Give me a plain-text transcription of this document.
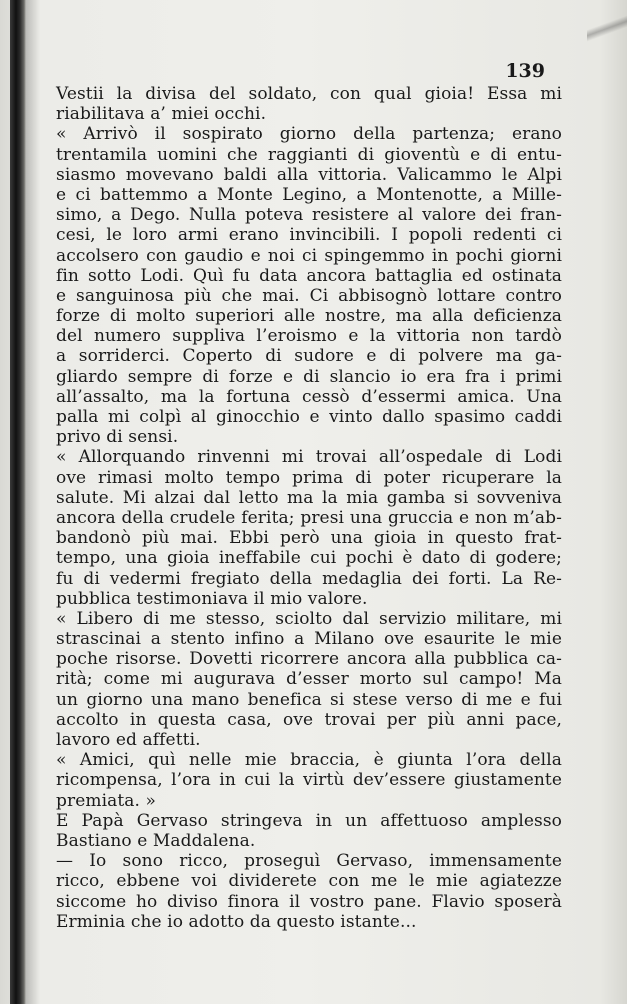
139
Vestii la divisa del soldato, con qual gioia! Essa mi
riabilitava a’ miei occhi.
« Arrivò il sospirato giorno della partenza; erano
trentamila uomini che raggianti di gioventù e di entu-
siasmo movevano baldi alla vittoria. Valicammo le Alpi
e ci battemmo a Monte Legino, a Montenotte, a Mille-
simo, a Dego. Nulla poteva resistere al valore dei fran-
cesi, le loro armi erano invincibili. I popoli redenti ci
accolsero con gaudio e noi ci spingemmo in pochi giorni
fin sotto Lodi. Quì fu data ancora battaglia ed ostinata
e sanguinosa più che mai. Ci abbisognò lottare contro
forze di molto superiori alle nostre, ma alla deficienza
del numero suppliva l’eroismo e la vittoria non tardò
a sorriderci. Coperto di sudore e di polvere ma ga-
gliardo sempre di forze e di slancio io era fra i primi
all’assalto, ma la fortuna cessò d’essermi amica. Una
palla mi colpì al ginocchio e vinto dallo spasimo caddi
privo di sensi.
« Allorquando rinvenni mi trovai all’ospedale di Lodi
ove rimasi molto tempo prima di poter ricuperare la
salute. Mi alzai dal letto ma la mia gamba si sovveniva
ancora della crudele ferita; presi una gruccia e non m’ab-
bandonò più mai. Ebbi però una gioia in questo frat-
tempo, una gioia ineffabile cui pochi è dato di godere;
fu di vedermi fregiato della medaglia dei forti. La Re-
pubblica testimoniava il mio valore.
« Libero di me stesso, sciolto dal servizio militare, mi
strascinai a stento infino a Milano ove esaurite le mie
poche risorse. Dovetti ricorrere ancora alla pubblica ca-
rità; come mi augurava d’esser morto sul campo! Ma
un giorno una mano benefica si stese verso di me e fui
accolto in questa casa, ove trovai per più anni pace,
lavoro ed affetti.
« Amici, quì nelle mie braccia, è giunta l’ora della
ricompensa, l’ora in cui la virtù dev’essere giustamente
premiata. »
E Papà Gervaso stringeva in un affettuoso amplesso
Bastiano e Maddalena.
— Io sono ricco, proseguì Gervaso, immensamente
ricco, ebbene voi dividerete con me le mie agiatezze
siccome ho diviso finora il vostro pane. Flavio sposerà
Erminia che io adotto da questo istante...
